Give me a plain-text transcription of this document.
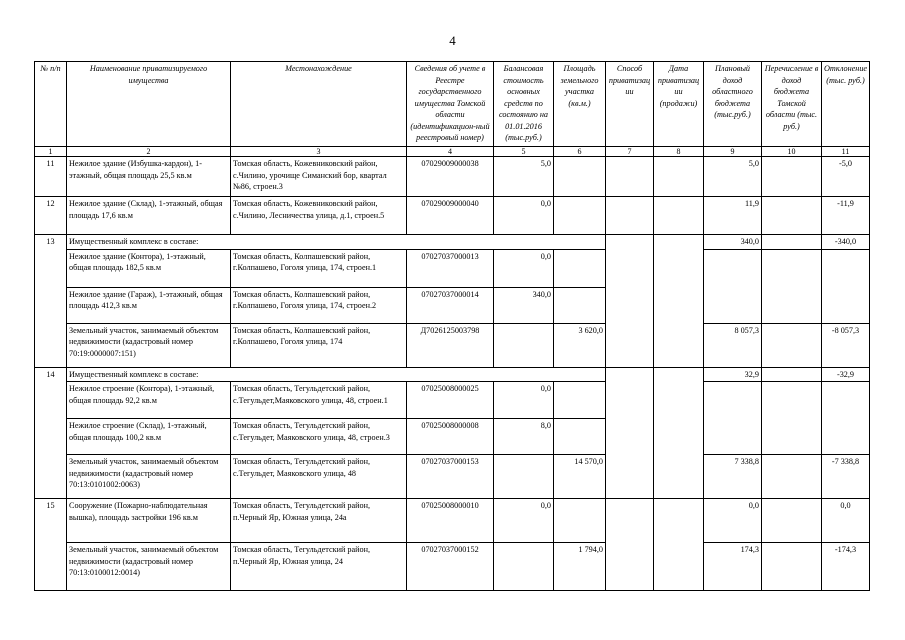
4
№ п/п	Наименование приватизируемого имущества	Местонахождение	Сведения об учете в Реестре государственного имущества Томской области (идентификацион-ный реестровый номер)	Балансовая стоимость основных средств по состоянию на 01.01.2016 (тыс.руб.)	Площадь земельного участка (кв.м.)	Способ приватизац ии	Дата приватизац ии (продажи)	Плановый доход областного бюджета (тыс.руб.)	Перечисление в доход бюджета Томской области (тыс. руб.)	Отклонение (тыс. руб.)
1	2	3	4	5	6	7	8	9	10	11
11	Нежилое здание (Избушка-кардон), 1-этажный, общая площадь 25,5 кв.м	Томская область, Кожевниковский район, с.Чилино, урочище Симанский бор, квартал №86, строен.3	07029009000038	5,0				5,0		-5,0
12	Нежилое здание (Склад), 1-этажный, общая площадь 17,6 кв.м	Томская область, Кожевниковский район, с.Чилино, Лесничества улица, д.1, строен.5	07029009000040	0,0				11,9		-11,9
13	Имущественный комплекс в составе:							340,0		-340,0
	Нежилое здание (Контора), 1-этажный, общая площадь 182,5 кв.м	Томская область, Колпашевский район, г.Колпашево, Гоголя улица, 174, строен.1	07027037000013	0,0						
	Нежилое здание (Гараж), 1-этажный, общая площадь 412,3 кв.м	Томская область, Колпашевский район, г.Колпашево, Гоголя улица, 174, строен.2	07027037000014	340,0						
	Земельный участок, занимаемый объектом недвижимости (кадастровый номер 70:19:0000007:151)	Томская область, Колпашевский район, г.Колпашево, Гоголя улица, 174	Д7026125003798		3 620,0			8 057,3		-8 057,3
14	Имущественный комплекс в составе:							32,9		-32,9
	Нежилое строение (Контора), 1-этажный, общая площадь 92,2 кв.м	Томская область, Тегульдетский район, с.Тегульдет,Маяковского улица, 48, строен.1	07025008000025	0,0						
	Нежилое строение (Склад), 1-этажный, общая площадь 100,2 кв.м	Томская область, Тегульдетский район, с.Тегульдет, Маяковского улица, 48, строен.3	07025008000008	8,0						
	Земельный участок, занимаемый объектом недвижимости (кадастровый номер 70:13:0101002:0063)	Томская область, Тегульдетский район, с.Тегульдет, Маяковского улица, 48	07027037000153		14 570,0			7 338,8		-7 338,8
15	Сооружение (Пожарно-наблюдательная вышка), площадь застройки 196 кв.м	Томская область, Тегульдетский район, п.Черный Яр, Южная улица, 24а	07025008000010	0,0				0,0		0,0
	Земельный участок, занимаемый объектом недвижимости (кадастровый номер 70:13:0100012:0014)	Томская область, Тегульдетский район, п.Черный Яр, Южная улица, 24	07027037000152		1 794,0			174,3		-174,3
